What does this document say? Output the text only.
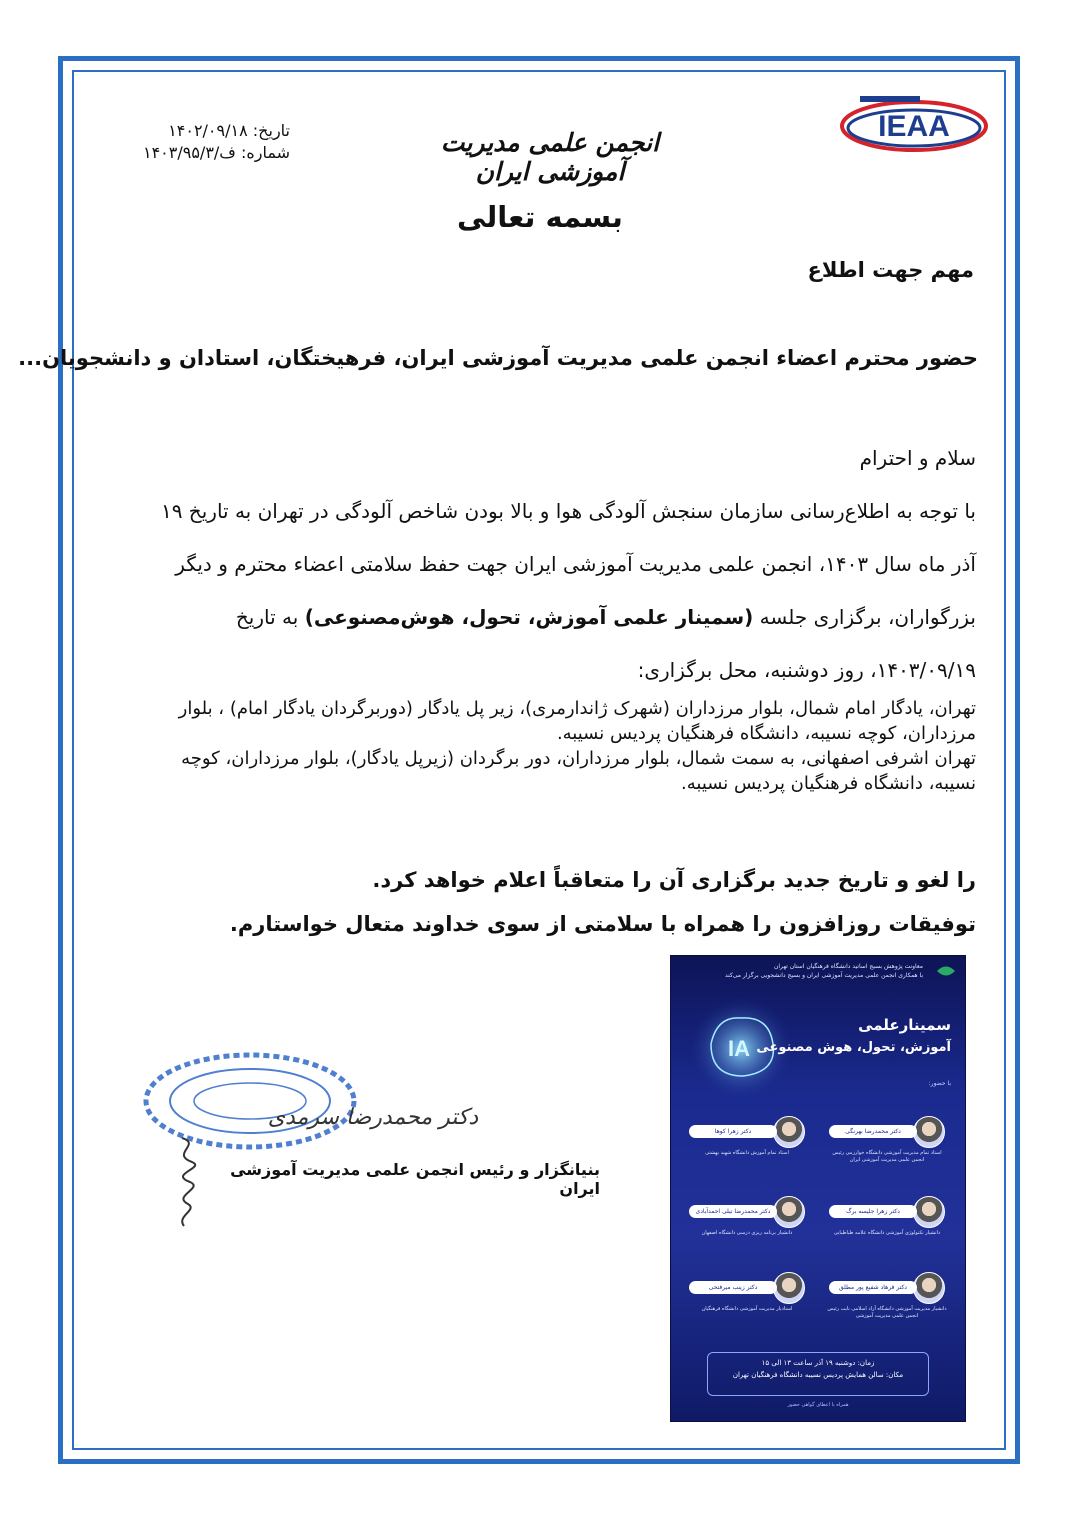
تاریخ: ۱۴۰۲/۰۹/۱۸
شماره: ف/۱۴۰۳/۹۵/۳	انجمن علمی مدیریت آموزشی ایران
IEAA
بسمه تعالی
مهم جهت اطلاع
حضور محترم اعضاء انجمن علمی مدیریت آموزشی ایران، فرهیختگان، استادان و دانشجویان...

سلام و احترام

با توجه به اطلاع‌رسانی سازمان سنجش آلودگی هوا و بالا بودن شاخص آلودگی در تهران به تاریخ ۱۹ آذر ماه سال ۱۴۰۳، انجمن علمی مدیریت آموزشی ایران جهت حفظ سلامتی اعضاء محترم و دیگر بزرگواران، برگزاری جلسه (سمینار علمی آموزش، تحول، هوش‌مصنوعی) به تاریخ ۱۴۰۳/۰۹/۱۹، روز دوشنبه، محل برگزاری:

تهران، یادگار امام شمال، بلوار مرزداران (شهرک ژاندارمری)، زیر پل یادگار (دوربرگردان یادگار امام) ، بلوار مرزداران، کوچه نسیبه، دانشگاه فرهنگیان پردیس نسیبه.

تهران اشرفی اصفهانی، به سمت شمال، بلوار مرزداران، دور برگردان (زیرپل یادگار)، بلوار مرزداران، کوچه نسیبه، دانشگاه فرهنگیان پردیس نسیبه.

را لغو و تاریخ جدید برگزاری آن را متعاقباً اعلام خواهد کرد.

توفیقات روزافزون را همراه با سلامتی از سوی خداوند متعال خواستارم.

دکتر محمدرضا سرمدی
بنیانگزار و رئیس انجمن علمی مدیریت آموزشی ایران
معاونت پژوهش بسیج اساتید دانشگاه فرهنگیان استان تهران
با همکاری انجمن علمی مدیریت آموزشی ایران و بسیج دانشجویی برگزار می‌کند
IA
سمینارعلمی
آموزش، تحول، هوش مصنوعی
با حضور:
دکتر محمدرضا بهرنگی
استاد تمام مدیریت آموزشی دانشگاه خوارزمی رئیس انجمن علمی مدیریت آموزشی ایران
دکتر زهرا کوها
استاد تمام آموزش دانشگاه شهید بهشتی
دکتر زهرا جلیسه برگ
دانشیار تکنولوژی آموزشی دانشگاه علامه طباطبایی
دکتر محمدرضا نیلی احمدآبادی
دانشیار برنامه ریزی درسی دانشگاه اصفهان
دکتر فرهاد شفیع پور مطلق
دانشیار مدیریت آموزشی دانشگاه آزاد اسلامی نایب رئیس انجمن علمی مدیریت آموزشی
دکتر زینب میرفتحی
استادیار مدیریت آموزشی دانشگاه فرهنگیان
زمان: دوشنبه ۱۹ آذر ساعت ۱۳ الی ۱۵
مکان: سالن همایش پردیس نسیبه دانشگاه فرهنگیان تهران
همراه با اعطای گواهی حضور
